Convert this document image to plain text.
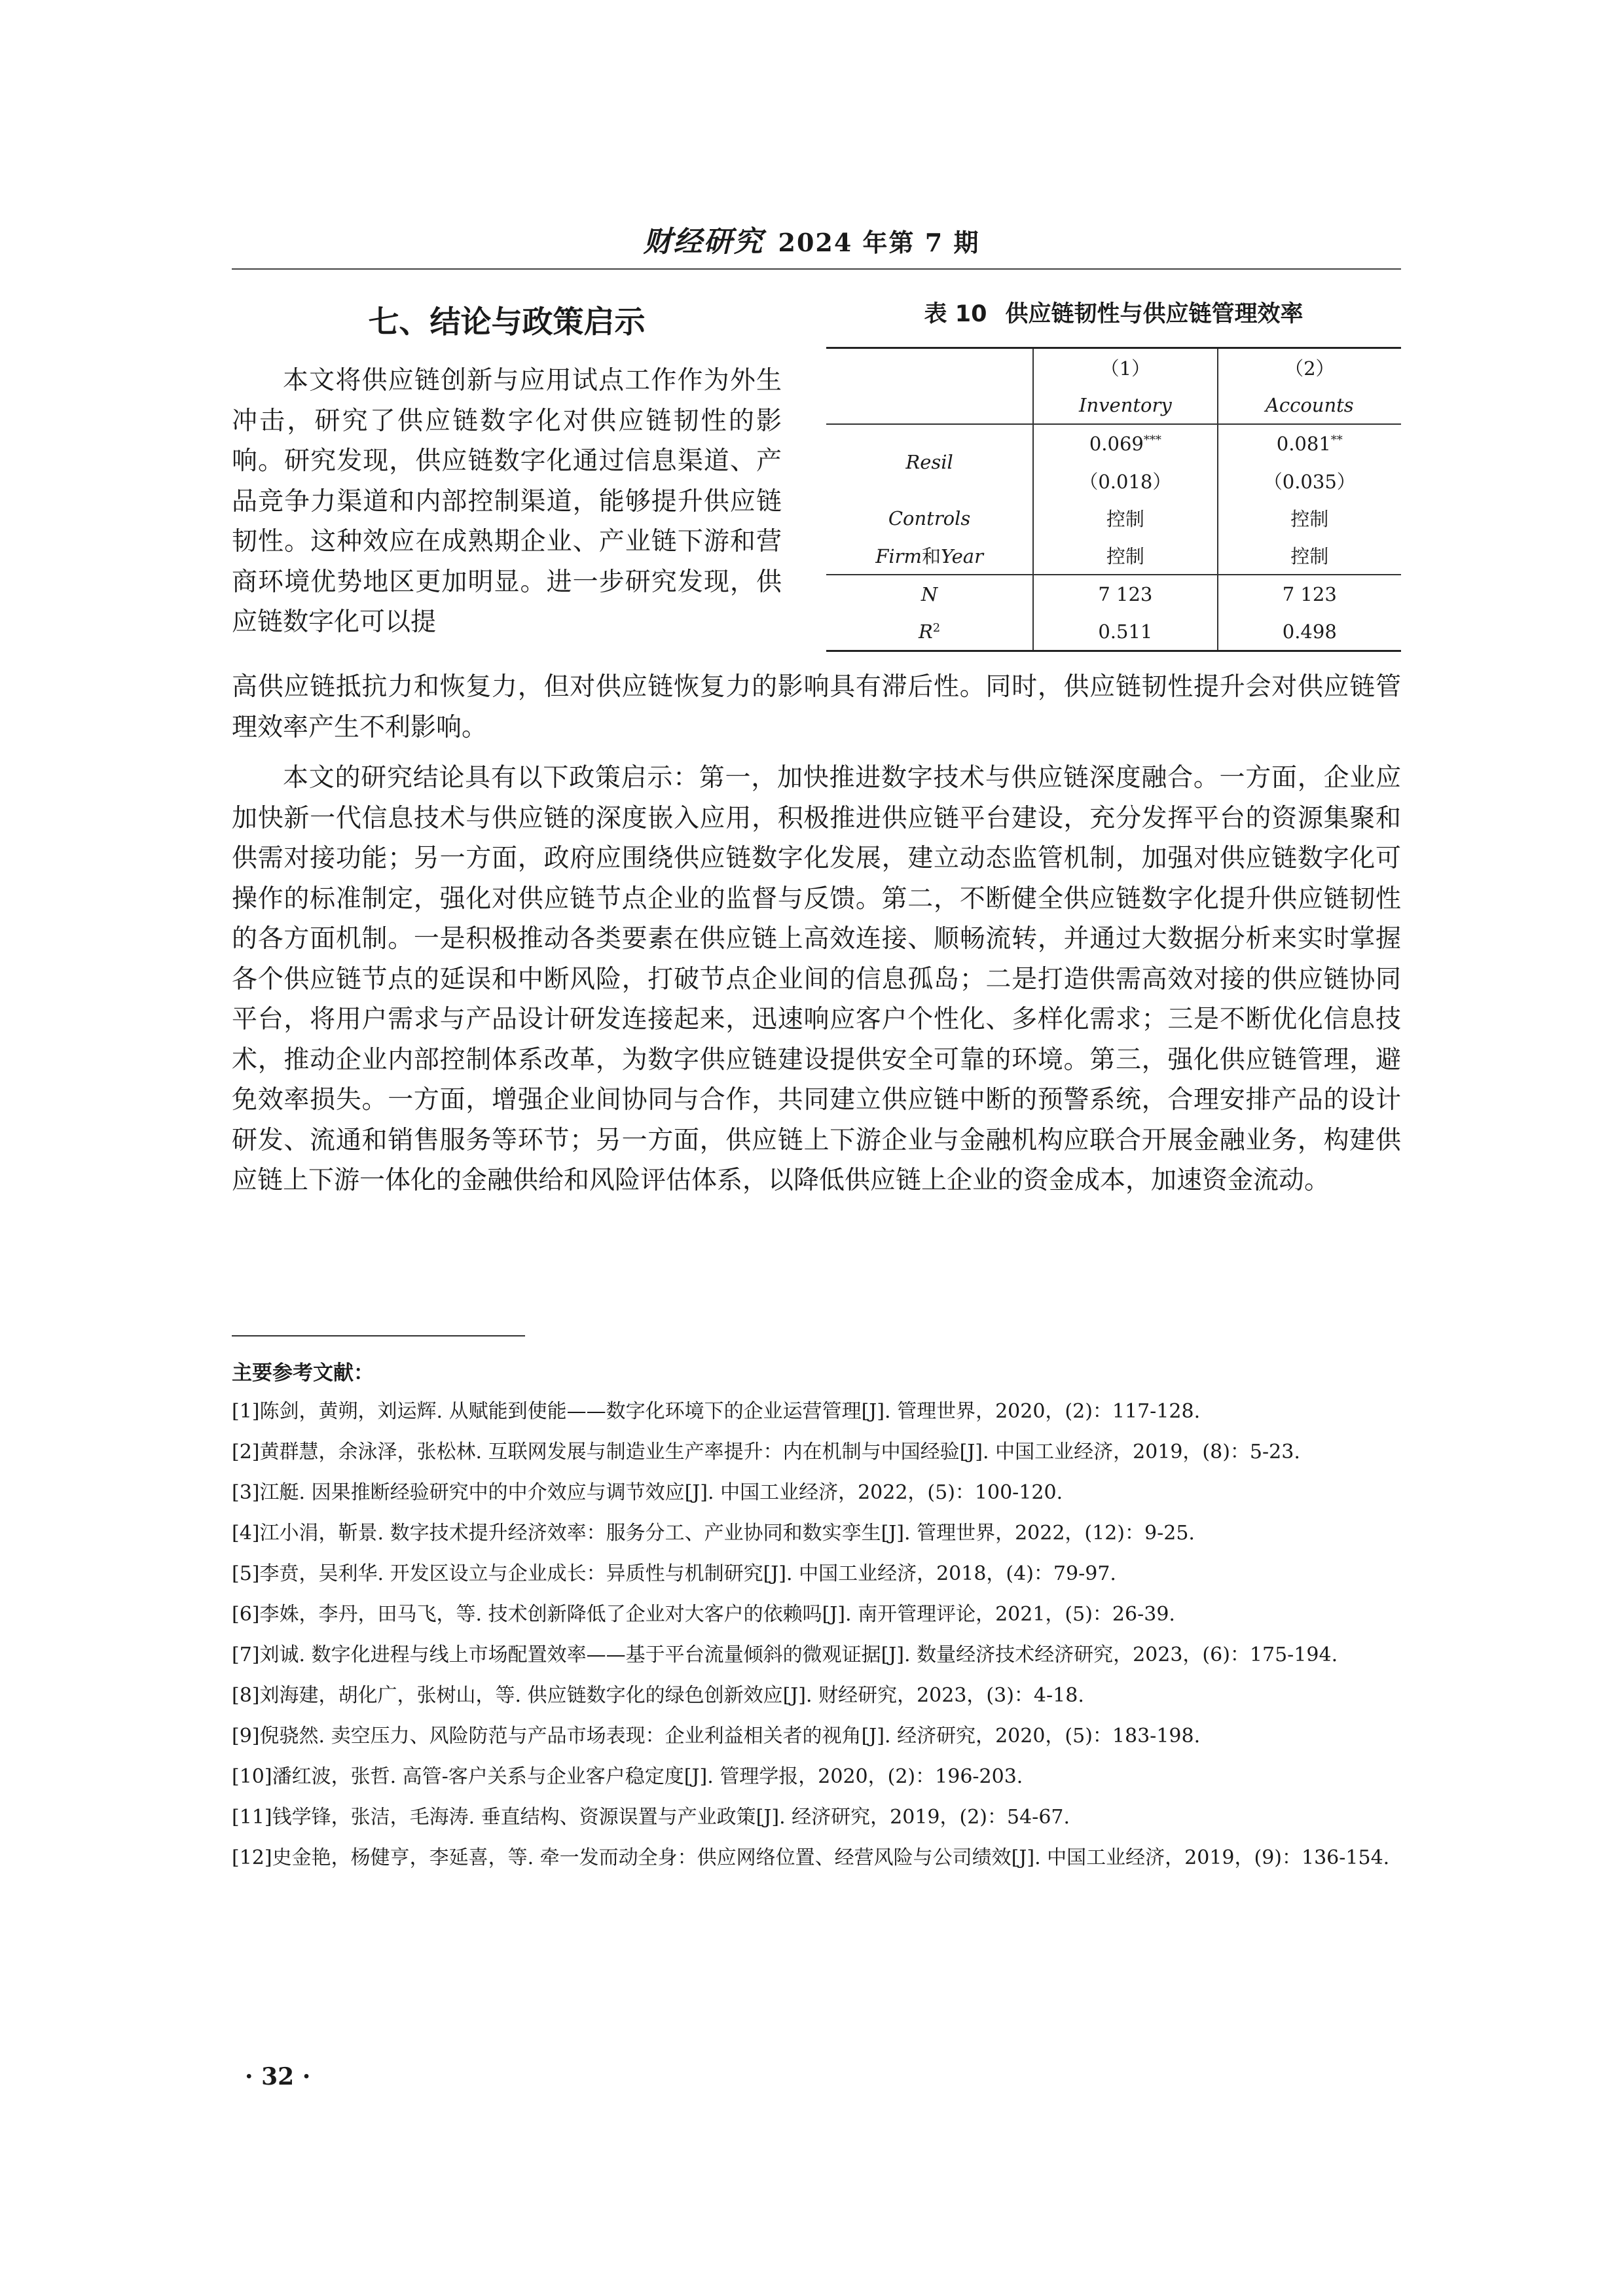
财经研究 2024 年第 7 期
七、结论与政策启示

本文将供应链创新与应用试点工作作为外生冲击，研究了供应链数字化对供应链韧性的影响。研究发现，供应链数字化通过信息渠道、产品竞争力渠道和内部控制渠道，能够提升供应链韧性。这种效应在成熟期企业、产业链下游和营商环境优势地区更加明显。进一步研究发现，供应链数字化可以提

表 10 供应链韧性与供应链管理效率
	（1）	（2）
	Inventory	Accounts
Resil	0.069***	0.081**
	（0.018）	（0.035）
Controls	控制	控制
Firm和Year	控制	控制
N	7 123	7 123
$R^2$	0.511	0.498

高供应链抵抗力和恢复力，但对供应链恢复力的影响具有滞后性。同时，供应链韧性提升会对供应链管理效率产生不利影响。

本文的研究结论具有以下政策启示：第一，加快推进数字技术与供应链深度融合。一方面，企业应加快新一代信息技术与供应链的深度嵌入应用，积极推进供应链平台建设，充分发挥平台的资源集聚和供需对接功能；另一方面，政府应围绕供应链数字化发展，建立动态监管机制，加强对供应链数字化可操作的标准制定，强化对供应链节点企业的监督与反馈。第二，不断健全供应链数字化提升供应链韧性的各方面机制。一是积极推动各类要素在供应链上高效连接、顺畅流转，并通过大数据分析来实时掌握各个供应链节点的延误和中断风险，打破节点企业间的信息孤岛；二是打造供需高效对接的供应链协同平台，将用户需求与产品设计研发连接起来，迅速响应客户个性化、多样化需求；三是不断优化信息技术，推动企业内部控制体系改革，为数字供应链建设提供安全可靠的环境。第三，强化供应链管理，避免效率损失。一方面，增强企业间协同与合作，共同建立供应链中断的预警系统，合理安排产品的设计研发、流通和销售服务等环节；另一方面，供应链上下游企业与金融机构应联合开展金融业务，构建供应链上下游一体化的金融供给和风险评估体系，以降低供应链上企业的资金成本，加速资金流动。

主要参考文献：
[1]陈剑，黄朔，刘运辉. 从赋能到使能——数字化环境下的企业运营管理[J]. 管理世界，2020，(2)：117-128.
[2]黄群慧，余泳泽，张松林. 互联网发展与制造业生产率提升：内在机制与中国经验[J]. 中国工业经济，2019，(8)：5-23.
[3]江艇. 因果推断经验研究中的中介效应与调节效应[J]. 中国工业经济，2022，(5)：100-120.
[4]江小涓，靳景. 数字技术提升经济效率：服务分工、产业协同和数实孪生[J]. 管理世界，2022，(12)：9-25.
[5]李贲，吴利华. 开发区设立与企业成长：异质性与机制研究[J]. 中国工业经济，2018，(4)：79-97.
[6]李姝，李丹，田马飞，等. 技术创新降低了企业对大客户的依赖吗[J]. 南开管理评论，2021，(5)：26-39.
[7]刘诚. 数字化进程与线上市场配置效率——基于平台流量倾斜的微观证据[J]. 数量经济技术经济研究，2023，(6)：175-194.
[8]刘海建，胡化广，张树山，等. 供应链数字化的绿色创新效应[J]. 财经研究，2023，(3)：4-18.
[9]倪骁然. 卖空压力、风险防范与产品市场表现：企业利益相关者的视角[J]. 经济研究，2020，(5)：183-198.
[10]潘红波，张哲. 高管-客户关系与企业客户稳定度[J]. 管理学报，2020，(2)：196-203.
[11]钱学锋，张洁，毛海涛. 垂直结构、资源误置与产业政策[J]. 经济研究，2019，(2)：54-67.
[12]史金艳，杨健亨，李延喜，等. 牵一发而动全身：供应网络位置、经营风险与公司绩效[J]. 中国工业经济，2019，(9)：136-154.
· 32 ·
